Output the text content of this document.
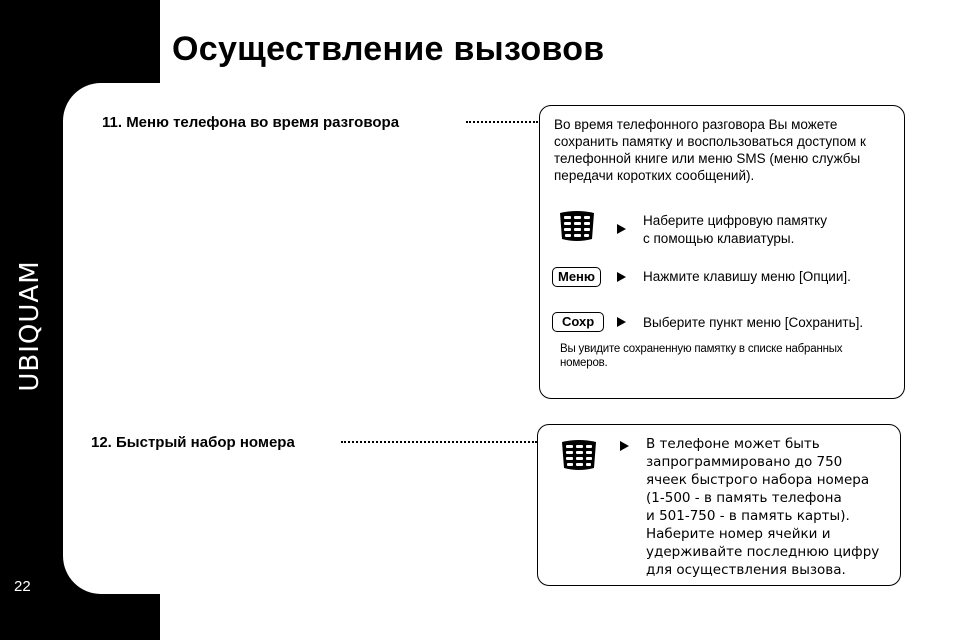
UBIQUAM
22
Осуществление вызовов
11. Меню телефона во время разговора	Во время телефонного разговора Вы можете сохранить памятку и воспользоваться доступом к телефонной книге или меню SMS (меню службы передачи коротких сообщений).
Наберите цифровую памятку
с помощью клавиатуры.
Меню	Нажмите клавишу меню [Опции].
Сохр	Выберите пункт меню [Сохранить].
Вы увидите сохраненную памятку в списке набранных номеров.
12. Быстрый набор номера	В телефоне может быть
запрограммировано до 750
ячеек быстрого набора номера
(1-500 - в память телефона
и 501-750 - в память карты).
Наберите номер ячейки и
удерживайте последнюю цифру
для осуществления вызова.
